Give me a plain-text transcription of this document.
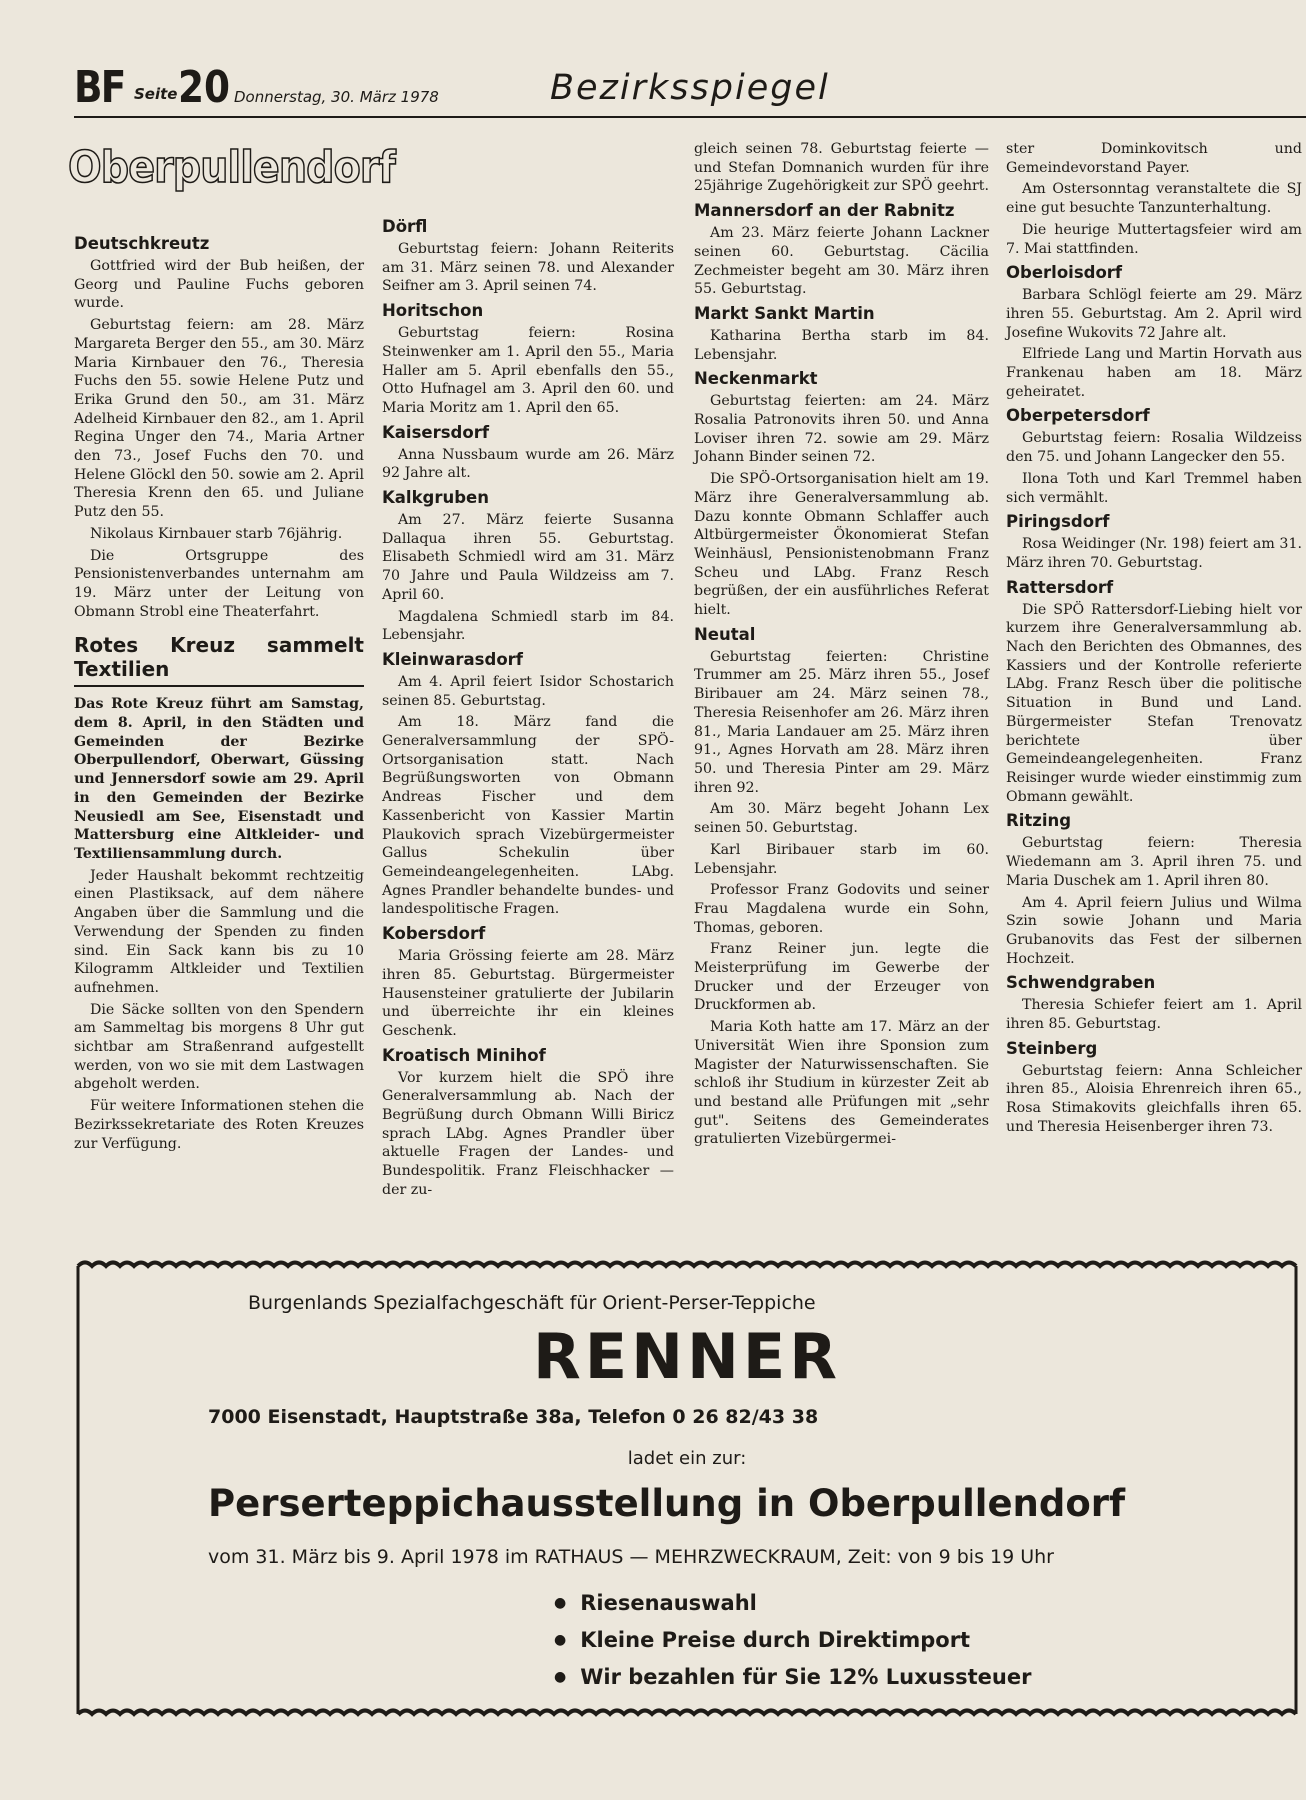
BF Seite 20 Donnerstag, 30. März 1978	Bezirksspiegel
Oberpullendorf
Deutschkreutz

Gottfried wird der Bub heißen, der Georg und Pauline Fuchs geboren wurde.

Geburtstag feiern: am 28. März Margareta Berger den 55., am 30. März Maria Kirnbauer den 76., Theresia Fuchs den 55. sowie Helene Putz und Erika Grund den 50., am 31. März Adelheid Kirnbauer den 82., am 1. April Regina Unger den 74., Maria Artner den 73., Josef Fuchs den 70. und Helene Glöckl den 50. sowie am 2. April Theresia Krenn den 65. und Juliane Putz den 55.

Nikolaus Kirnbauer starb 76jährig.

Die Ortsgruppe des Pensionistenverbandes unternahm am 19. März unter der Leitung von Obmann Strobl eine Theaterfahrt.

Rotes Kreuz sammelt Textilien

Das Rote Kreuz führt am Samstag, dem 8. April, in den Städten und Gemeinden der Bezirke Oberpullendorf, Oberwart, Güssing und Jennersdorf sowie am 29. April in den Gemeinden der Bezirke Neusiedl am See, Eisenstadt und Mattersburg eine Altkleider- und Textiliensammlung durch.

Jeder Haushalt bekommt rechtzeitig einen Plastiksack, auf dem nähere Angaben über die Sammlung und die Verwendung der Spenden zu finden sind. Ein Sack kann bis zu 10 Kilogramm Altkleider und Textilien aufnehmen.

Die Säcke sollten von den Spendern am Sammeltag bis morgens 8 Uhr gut sichtbar am Straßenrand aufgestellt werden, von wo sie mit dem Lastwagen abgeholt werden.

Für weitere Informationen stehen die Bezirkssekretariate des Roten Kreuzes zur Verfügung.

Dörfl

Geburtstag feiern: Johann Reiterits am 31. März seinen 78. und Alexander Seifner am 3. April seinen 74.

Horitschon

Geburtstag feiern: Rosina Steinwenker am 1. April den 55., Maria Haller am 5. April ebenfalls den 55., Otto Hufnagel am 3. April den 60. und Maria Moritz am 1. April den 65.

Kaisersdorf

Anna Nussbaum wurde am 26. März 92 Jahre alt.

Kalkgruben

Am 27. März feierte Susanna Dallaqua ihren 55. Geburtstag. Elisabeth Schmiedl wird am 31. März 70 Jahre und Paula Wildzeiss am 7. April 60.

Magdalena Schmiedl starb im 84. Lebensjahr.

Kleinwarasdorf

Am 4. April feiert Isidor Schostarich seinen 85. Geburtstag.

Am 18. März fand die Generalversammlung der SPÖ-Ortsorganisation statt. Nach Begrüßungsworten von Obmann Andreas Fischer und dem Kassenbericht von Kassier Martin Plaukovich sprach Vizebürgermeister Gallus Schekulin über Gemeindeangelegenheiten. LAbg. Agnes Prandler behandelte bundes- und landespolitische Fragen.

Kobersdorf

Maria Grössing feierte am 28. März ihren 85. Geburtstag. Bürgermeister Hausensteiner gratulierte der Jubilarin und überreichte ihr ein kleines Geschenk.

Kroatisch Minihof

Vor kurzem hielt die SPÖ ihre Generalversammlung ab. Nach der Begrüßung durch Obmann Willi Biricz sprach LAbg. Agnes Prandler über aktuelle Fragen der Landes- und Bundespolitik. Franz Fleischhacker — der zu-

gleich seinen 78. Geburtstag feierte — und Stefan Domnanich wurden für ihre 25jährige Zugehörigkeit zur SPÖ geehrt.

Mannersdorf an der Rabnitz

Am 23. März feierte Johann Lackner seinen 60. Geburtstag. Cäcilia Zechmeister begeht am 30. März ihren 55. Geburtstag.

Markt Sankt Martin

Katharina Bertha starb im 84. Lebensjahr.

Neckenmarkt

Geburtstag feierten: am 24. März Rosalia Patronovits ihren 50. und Anna Loviser ihren 72. sowie am 29. März Johann Binder seinen 72.

Die SPÖ-Ortsorganisation hielt am 19. März ihre Generalversammlung ab. Dazu konnte Obmann Schlaffer auch Altbürgermeister Ökonomierat Stefan Weinhäusl, Pensionistenobmann Franz Scheu und LAbg. Franz Resch begrüßen, der ein ausführliches Referat hielt.

Neutal

Geburtstag feierten: Christine Trummer am 25. März ihren 55., Josef Biribauer am 24. März seinen 78., Theresia Reisenhofer am 26. März ihren 81., Maria Landauer am 25. März ihren 91., Agnes Horvath am 28. März ihren 50. und Theresia Pinter am 29. März ihren 92.

Am 30. März begeht Johann Lex seinen 50. Geburtstag.

Karl Biribauer starb im 60. Lebensjahr.

Professor Franz Godovits und seiner Frau Magdalena wurde ein Sohn, Thomas, geboren.

Franz Reiner jun. legte die Meisterprüfung im Gewerbe der Drucker und der Erzeuger von Druckformen ab.

Maria Koth hatte am 17. März an der Universität Wien ihre Sponsion zum Magister der Naturwissenschaften. Sie schloß ihr Studium in kürzester Zeit ab und bestand alle Prüfungen mit „sehr gut". Seitens des Gemeinderates gratulierten Vizebürgermei-

ster Dominkovitsch und Gemeindevorstand Payer.

Am Ostersonntag veranstaltete die SJ eine gut besuchte Tanzunterhaltung.

Die heurige Muttertagsfeier wird am 7. Mai stattfinden.

Oberloisdorf

Barbara Schlögl feierte am 29. März ihren 55. Geburtstag. Am 2. April wird Josefine Wukovits 72 Jahre alt.

Elfriede Lang und Martin Horvath aus Frankenau haben am 18. März geheiratet.

Oberpetersdorf

Geburtstag feiern: Rosalia Wildzeiss den 75. und Johann Langecker den 55.

Ilona Toth und Karl Tremmel haben sich vermählt.

Piringsdorf

Rosa Weidinger (Nr. 198) feiert am 31. März ihren 70. Geburtstag.

Rattersdorf

Die SPÖ Rattersdorf-Liebing hielt vor kurzem ihre Generalversammlung ab. Nach den Berichten des Obmannes, des Kassiers und der Kontrolle referierte LAbg. Franz Resch über die politische Situation in Bund und Land. Bürgermeister Stefan Trenovatz berichtete über Gemeindeangelegenheiten. Franz Reisinger wurde wieder einstimmig zum Obmann gewählt.

Ritzing

Geburtstag feiern: Theresia Wiedemann am 3. April ihren 75. und Maria Duschek am 1. April ihren 80.

Am 4. April feiern Julius und Wilma Szin sowie Johann und Maria Grubanovits das Fest der silbernen Hochzeit.

Schwendgraben

Theresia Schiefer feiert am 1. April ihren 85. Geburtstag.

Steinberg

Geburtstag feiern: Anna Schleicher ihren 85., Aloisia Ehrenreich ihren 65., Rosa Stimakovits gleichfalls ihren 65. und Theresia Heisenberger ihren 73.

Burgenlands Spezialfachgeschäft für Orient-Perser-Teppiche
RENNER
7000 Eisenstadt, Hauptstraße 38a, Telefon 0 26 82/43 38
ladet ein zur:
Perserteppichausstellung in Oberpullendorf
vom 31. März bis 9. April 1978 im RATHAUS — MEHRZWECKRAUM, Zeit: von 9 bis 19 Uhr
● Riesenauswahl
● Kleine Preise durch Direktimport
● Wir bezahlen für Sie 12% Luxussteuer
